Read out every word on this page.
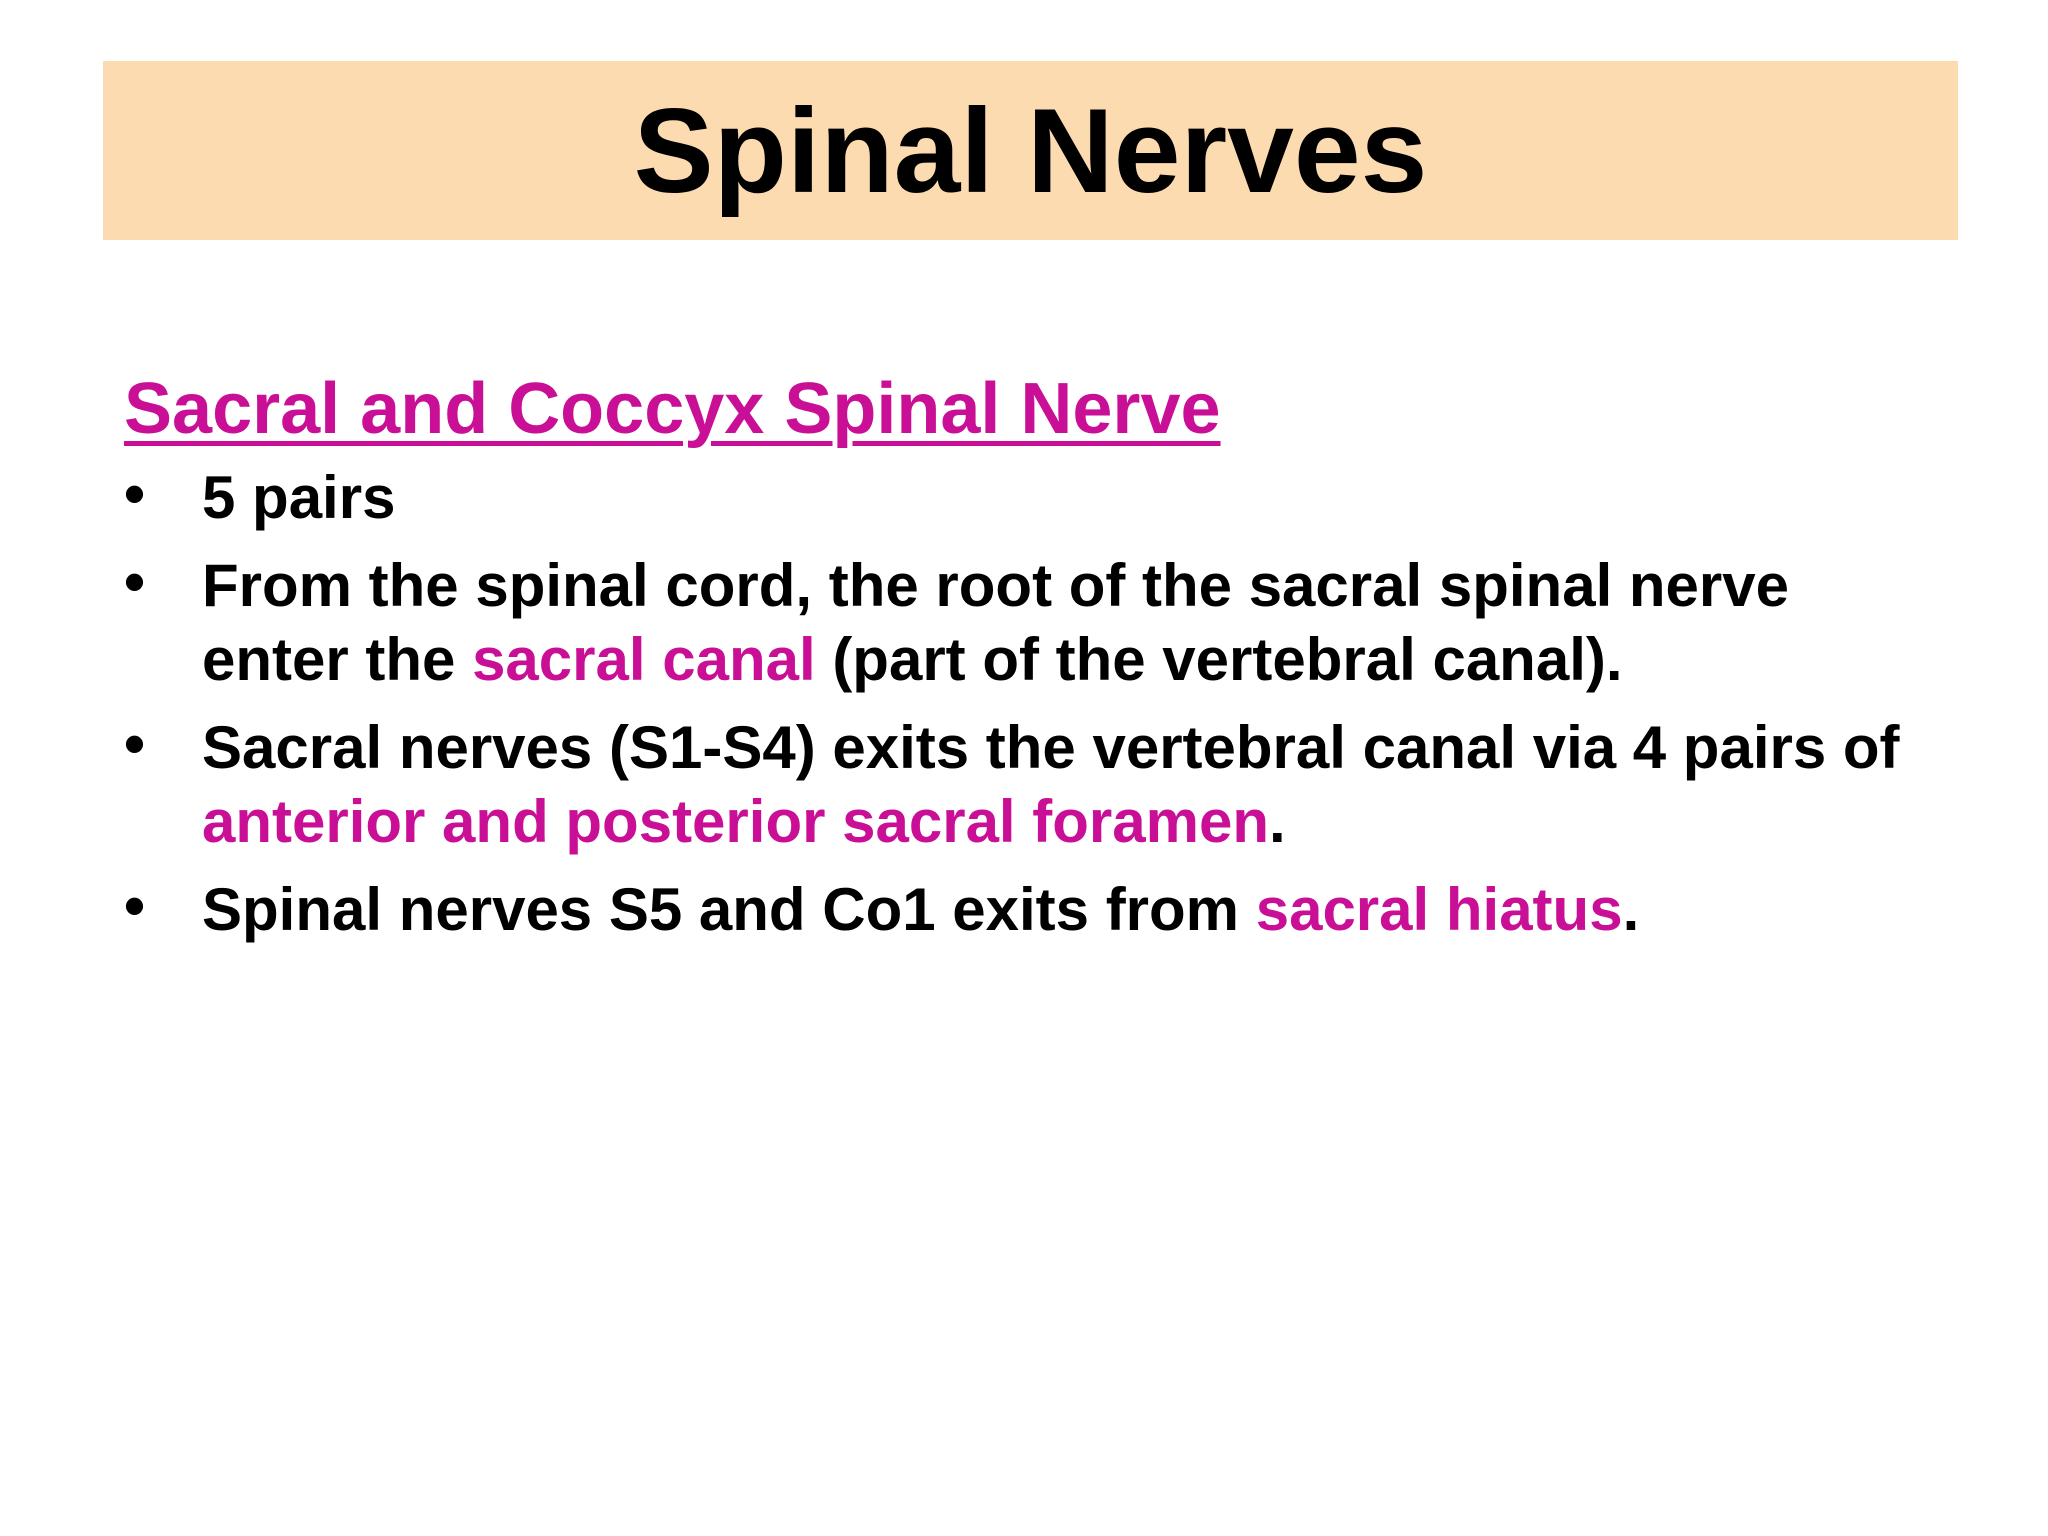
Spinal Nerves
Sacral and Coccyx Spinal Nerve
• 5 pairs
• From the spinal cord, the root of the sacral spinal nerve enter the sacral canal (part of the vertebral canal).
• Sacral nerves (S1-S4) exits the vertebral canal via 4 pairs of anterior and posterior sacral foramen.
• Spinal nerves S5 and Co1 exits from sacral hiatus.
